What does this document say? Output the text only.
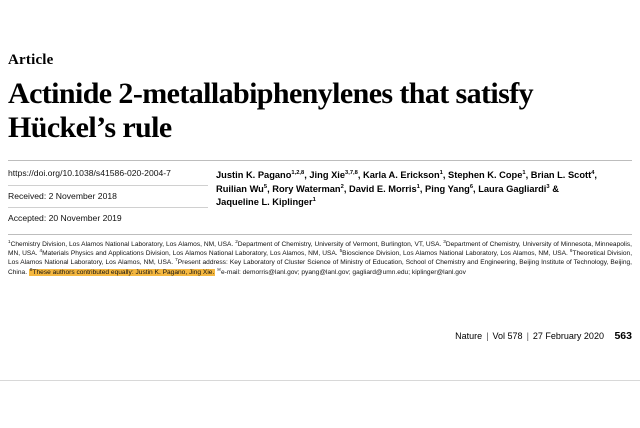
Article
Actinide 2-metallabiphenylenes that satisfy Hückel’s rule
https://doi.org/10.1038/s41586-020-2004-7
Received: 2 November 2018
Accepted: 20 November 2019
Justin K. Pagano$^{1,2,8}$, Jing Xie$^{3,7,8}$, Karla A. Erickson$^1$, Stephen K. Cope$^1$, Brian L. Scott$^4$,
Ruilian Wu$^5$, Rory Waterman$^2$, David E. Morris$^1$, Ping Yang$^6$, Laura Gagliardi$^3$ &
Jaqueline L. Kiplinger$^1$
$^1$Chemistry Division, Los Alamos National Laboratory, Los Alamos, NM, USA. $^2$Department of Chemistry, University of Vermont, Burlington, VT, USA. $^3$Department of Chemistry, University of Minnesota, Minneapolis, MN, USA. $^4$Materials Physics and Applications Division, Los Alamos National Laboratory, Los Alamos, NM, USA. $^5$Bioscience Division, Los Alamos National Laboratory, Los Alamos, NM, USA. $^6$Theoretical Division, Los Alamos National Laboratory, Los Alamos, NM, USA. $^7$Present address: Key Laboratory of Cluster Science of Ministry of Education, School of Chemistry and Engineering, Beijing Institute of Technology, Beijing, China. $^8$These authors contributed equally: Justin K. Pagano, Jing Xie. ✉e-mail: demorris@lanl.gov; pyang@lanl.gov; gagliard@umn.edu; kiplinger@lanl.gov
Nature | Vol 578 | 27 February 2020 563
